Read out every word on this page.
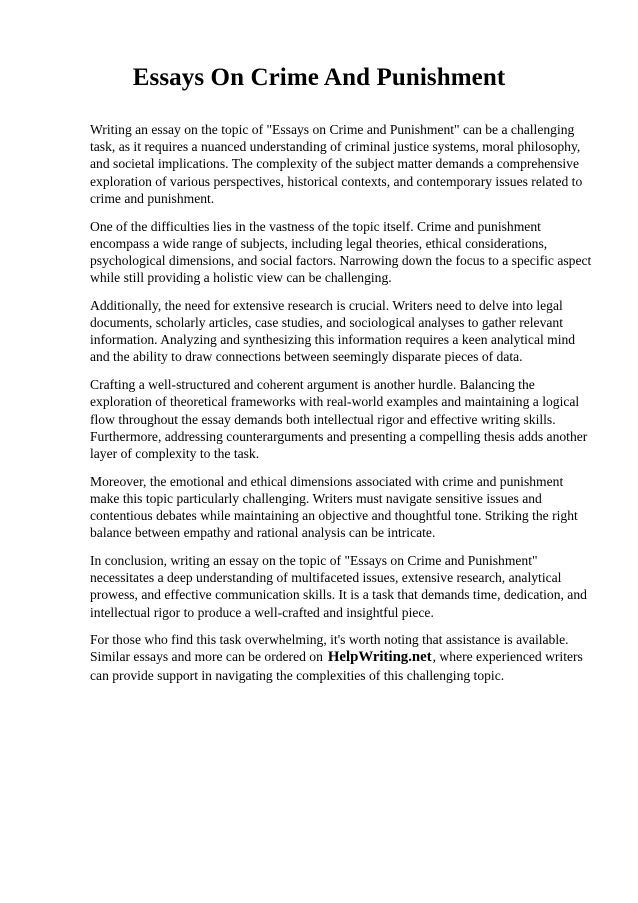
Essays On Crime And Punishment

Writing an essay on the topic of "Essays on Crime and Punishment" can be a challenging task, as it requires a nuanced understanding of criminal justice systems, moral philosophy, and societal implications. The complexity of the subject matter demands a comprehensive exploration of various perspectives, historical contexts, and contemporary issues related to crime and punishment.

One of the difficulties lies in the vastness of the topic itself. Crime and punishment encompass a wide range of subjects, including legal theories, ethical considerations, psychological dimensions, and social factors. Narrowing down the focus to a specific aspect while still providing a holistic view can be challenging.

Additionally, the need for extensive research is crucial. Writers need to delve into legal documents, scholarly articles, case studies, and sociological analyses to gather relevant information. Analyzing and synthesizing this information requires a keen analytical mind and the ability to draw connections between seemingly disparate pieces of data.

Crafting a well-structured and coherent argument is another hurdle. Balancing the exploration of theoretical frameworks with real-world examples and maintaining a logical flow throughout the essay demands both intellectual rigor and effective writing skills. Furthermore, addressing counterarguments and presenting a compelling thesis adds another layer of complexity to the task.

Moreover, the emotional and ethical dimensions associated with crime and punishment make this topic particularly challenging. Writers must navigate sensitive issues and contentious debates while maintaining an objective and thoughtful tone. Striking the right balance between empathy and rational analysis can be intricate.

In conclusion, writing an essay on the topic of "Essays on Crime and Punishment" necessitates a deep understanding of multifaceted issues, extensive research, analytical prowess, and effective communication skills. It is a task that demands time, dedication, and intellectual rigor to produce a well-crafted and insightful piece.

For those who find this task overwhelming, it's worth noting that assistance is available. Similar essays and more can be ordered on HelpWriting.net, where experienced writers can provide support in navigating the complexities of this challenging topic.
